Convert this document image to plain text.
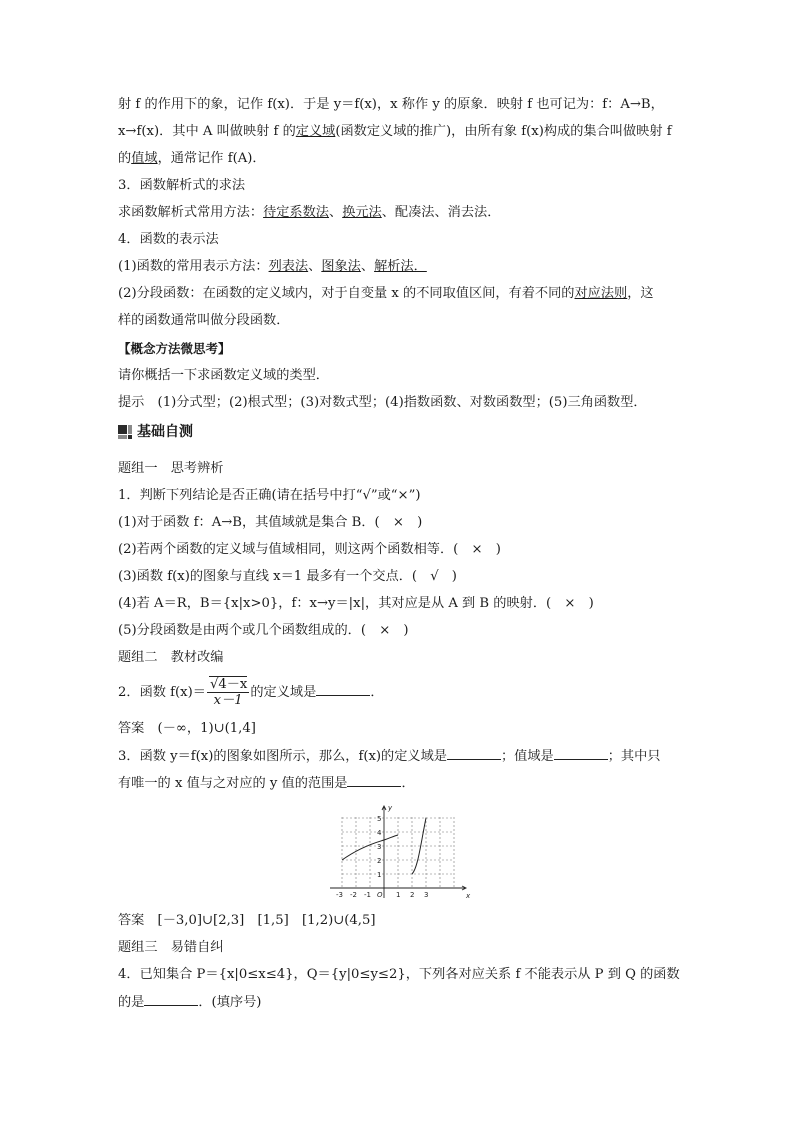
射 f 的作用下的象，记作 f(x)．于是 y＝f(x)，x 称作 y 的原象．映射 f 也可记为：f：A→B，
x→f(x)．其中 A 叫做映射 f 的定义域(函数定义域的推广)，由所有象 f(x)构成的集合叫做映射 f
的值域，通常记作 f(A)．
3．函数解析式的求法
求函数解析式常用方法：待定系数法、换元法、配凑法、消去法．
4．函数的表示法
(1)函数的常用表示方法：列表法、图象法、解析法．
(2)分段函数：在函数的定义域内，对于自变量 x 的不同取值区间，有着不同的对应法则，这
样的函数通常叫做分段函数．
【概念方法微思考】
请你概括一下求函数定义域的类型．
提示　(1)分式型；(2)根式型；(3)对数式型；(4)指数函数、对数函数型；(5)三角函数型．
基础自测
题组一　思考辨析
1．判断下列结论是否正确(请在括号中打“√”或“×”)
(1)对于函数 f：A→B，其值域就是集合 B．(　×　)
(2)若两个函数的定义域与值域相同，则这两个函数相等．(　×　)
(3)函数 f(x)的图象与直线 x＝1 最多有一个交点．(　√　)
(4)若 A＝R，B＝{x|x>0}，f：x→y＝|x|，其对应是从 A 到 B 的映射．(　×　)
(5)分段函数是由两个或几个函数组成的．(　×　)
题组二　教材改编
2．函数 $f(x)= \frac{√4-x}{x-1}$ 的定义域是	．
答案　(－∞，1)∪(1,4]
3．函数 y＝f(x)的图象如图所示，那么，f(x)的定义域是	；值域是	；其中只
有唯一的 x 值与之对应的 y 值的范围是	．
y
x
O
-3 -2 -1	1 2 3
1
2
3
4
5
答案　[－3,0]∪[2,3]　[1,5]　[1,2)∪(4,5]
题组三　易错自纠
4．已知集合 P＝{x|0≤x≤4}，Q＝{y|0≤y≤2}，下列各对应关系 f 不能表示从 P 到 Q 的函数
的是	．(填序号)
